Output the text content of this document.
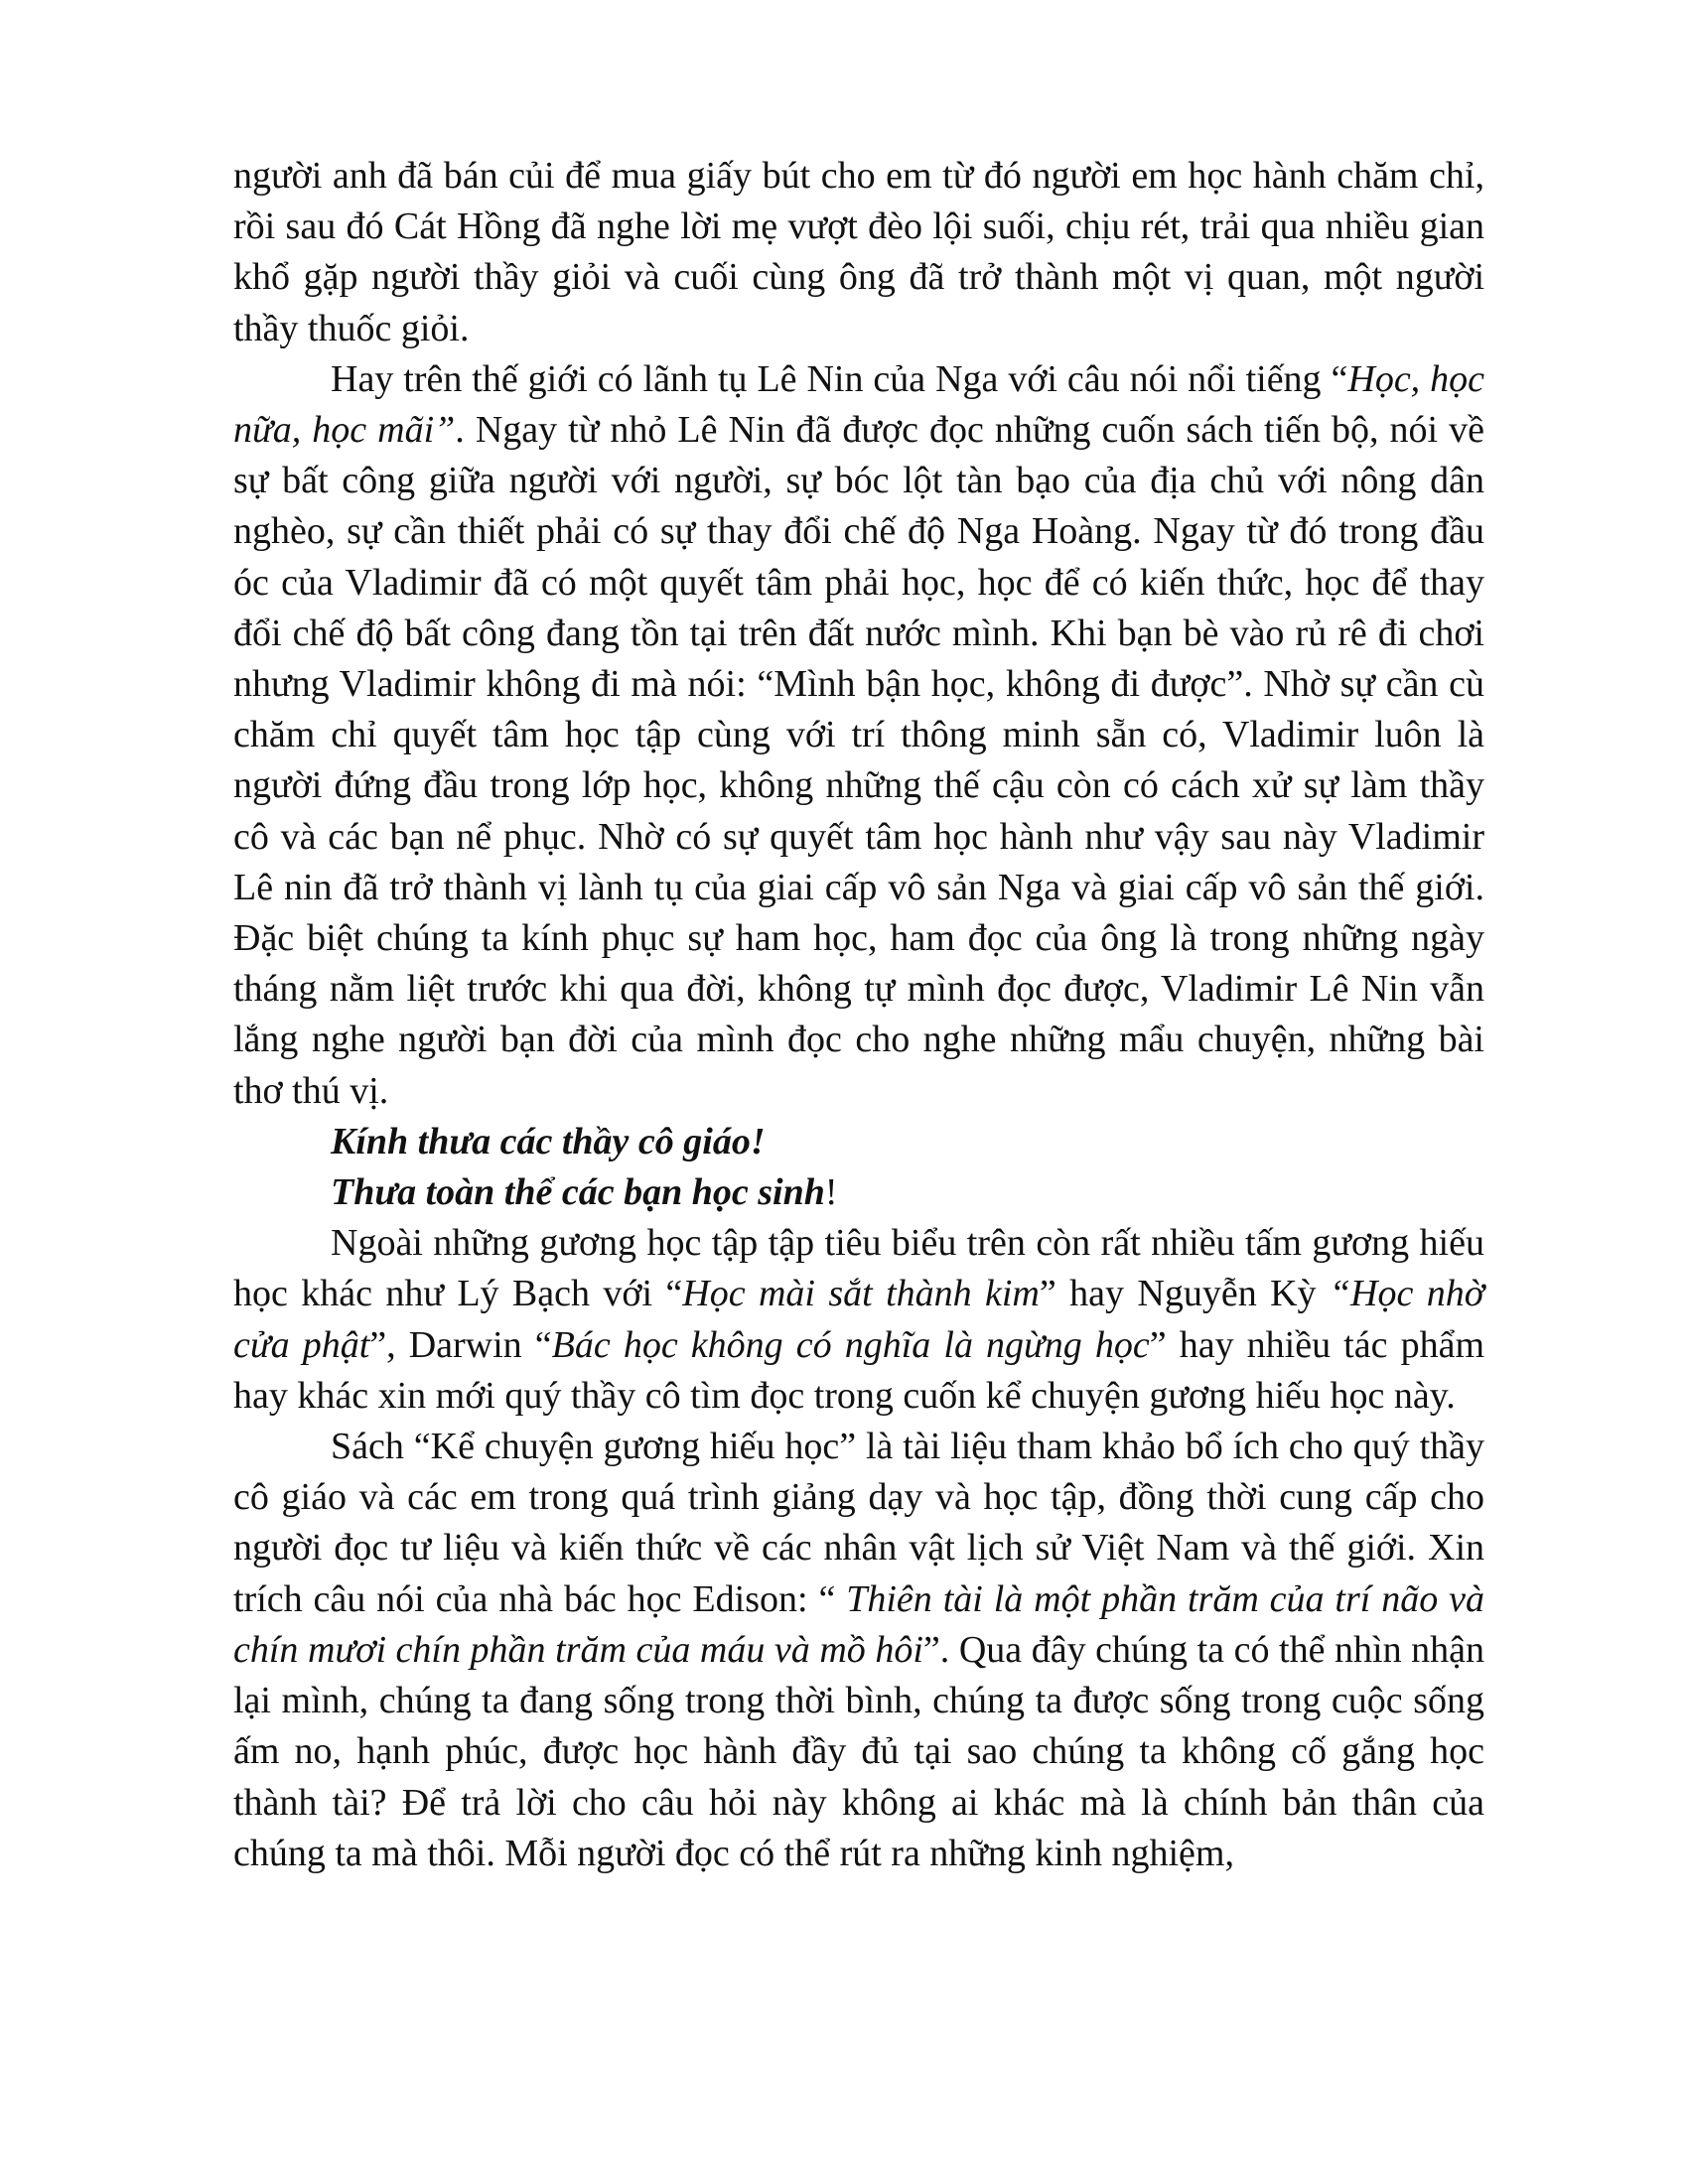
người anh đã bán củi để mua giấy bút cho em từ đó người em học hành chăm chỉ, rồi sau đó Cát Hồng đã nghe lời mẹ vượt đèo lội suối, chịu rét, trải qua nhiều gian khổ gặp người thầy giỏi và cuối cùng ông đã trở thành một vị quan, một người thầy thuốc giỏi.

Hay trên thế giới có lãnh tụ Lê Nin của Nga với câu nói nổi tiếng “Học, học nữa, học mãi”. Ngay từ nhỏ Lê Nin đã được đọc những cuốn sách tiến bộ, nói về sự bất công giữa người với người, sự bóc lột tàn bạo của địa chủ với nông dân nghèo, sự cần thiết phải có sự thay đổi chế độ Nga Hoàng. Ngay từ đó trong đầu óc của Vladimir đã có một quyết tâm phải học, học để có kiến thức, học để thay đổi chế độ bất công đang tồn tại trên đất nước mình. Khi bạn bè vào rủ rê đi chơi nhưng Vladimir không đi mà nói: “Mình bận học, không đi được”. Nhờ sự cần cù chăm chỉ quyết tâm học tập cùng với trí thông minh sẵn có, Vladimir luôn là người đứng đầu trong lớp học, không những thế cậu còn có cách xử sự làm thầy cô và các bạn nể phục. Nhờ có sự quyết tâm học hành như vậy sau này Vladimir Lê nin đã trở thành vị lành tụ của giai cấp vô sản Nga và giai cấp vô sản thế giới. Đặc biệt chúng ta kính phục sự ham học, ham đọc của ông là trong những ngày tháng nằm liệt trước khi qua đời, không tự mình đọc được, Vladimir Lê Nin vẫn lắng nghe người bạn đời của mình đọc cho nghe những mẩu chuyện, những bài thơ thú vị.

Kính thưa các thầy cô giáo!

Thưa toàn thể các bạn học sinh!

Ngoài những gương học tập tập tiêu biểu trên còn rất nhiều tấm gương hiếu học khác như Lý Bạch với “Học mài sắt thành kim” hay Nguyễn Kỳ “Học nhờ cửa phật”, Darwin “Bác học không có nghĩa là ngừng học” hay nhiều tác phẩm hay khác xin mới quý thầy cô tìm đọc trong cuốn kể chuyện gương hiếu học này.

Sách “Kể chuyện gương hiếu học” là tài liệu tham khảo bổ ích cho quý thầy cô giáo và các em trong quá trình giảng dạy và học tập, đồng thời cung cấp cho người đọc tư liệu và kiến thức về các nhân vật lịch sử Việt Nam và thế giới. Xin trích câu nói của nhà bác học Edison: “ Thiên tài là một phần trăm của trí não và chín mươi chín phần trăm của máu và mồ hôi”. Qua đây chúng ta có thể nhìn nhận lại mình, chúng ta đang sống trong thời bình, chúng ta được sống trong cuộc sống ấm no, hạnh phúc, được học hành đầy đủ tại sao chúng ta không cố gắng học thành tài? Để trả lời cho câu hỏi này không ai khác mà là chính bản thân của chúng ta mà thôi. Mỗi người đọc có thể rút ra những kinh nghiệm,
